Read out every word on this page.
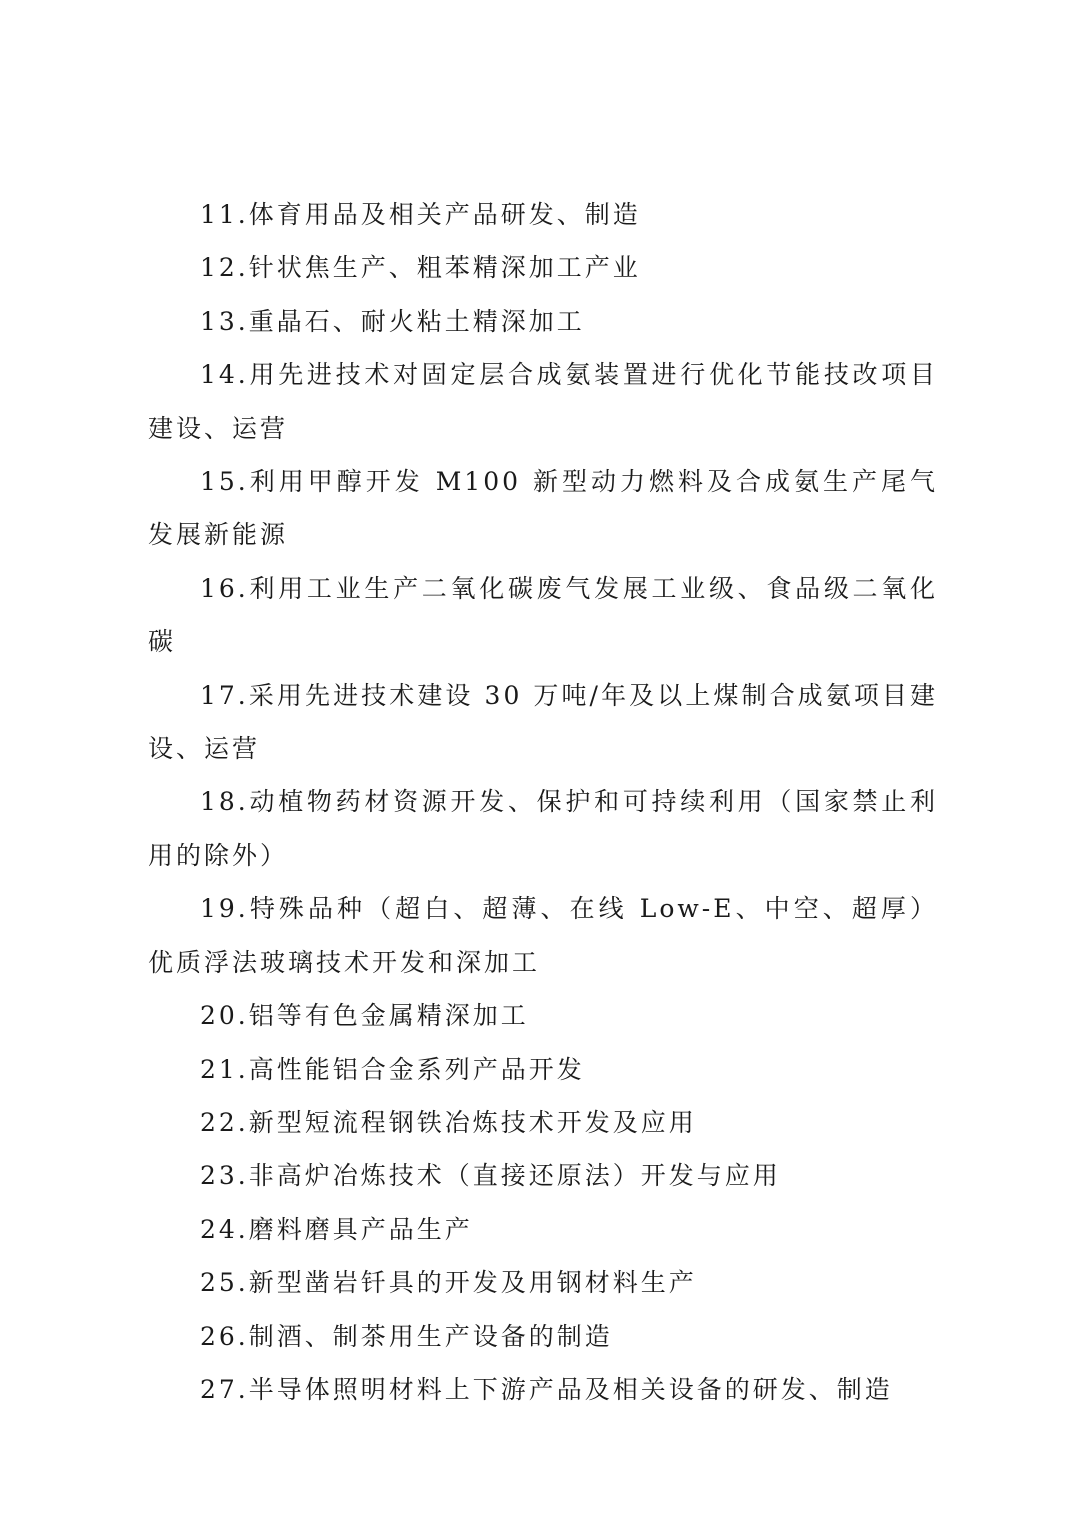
11.体育用品及相关产品研发、制造

12.针状焦生产、粗苯精深加工产业

13.重晶石、耐火粘土精深加工

14.用先进技术对固定层合成氨装置进行优化节能技改项目建设、运营

15.利用甲醇开发 M100 新型动力燃料及合成氨生产尾气发展新能源

16.利用工业生产二氧化碳废气发展工业级、食品级二氧化碳

17.采用先进技术建设 30 万吨/年及以上煤制合成氨项目建设、运营

18.动植物药材资源开发、保护和可持续利用（国家禁止利用的除外）

19.特殊品种（超白、超薄、在线 Low-E、中空、超厚）优质浮法玻璃技术开发和深加工

20.铝等有色金属精深加工

21.高性能铝合金系列产品开发

22.新型短流程钢铁冶炼技术开发及应用

23.非高炉冶炼技术（直接还原法）开发与应用

24.磨料磨具产品生产

25.新型凿岩钎具的开发及用钢材料生产

26.制酒、制茶用生产设备的制造

27.半导体照明材料上下游产品及相关设备的研发、制造
